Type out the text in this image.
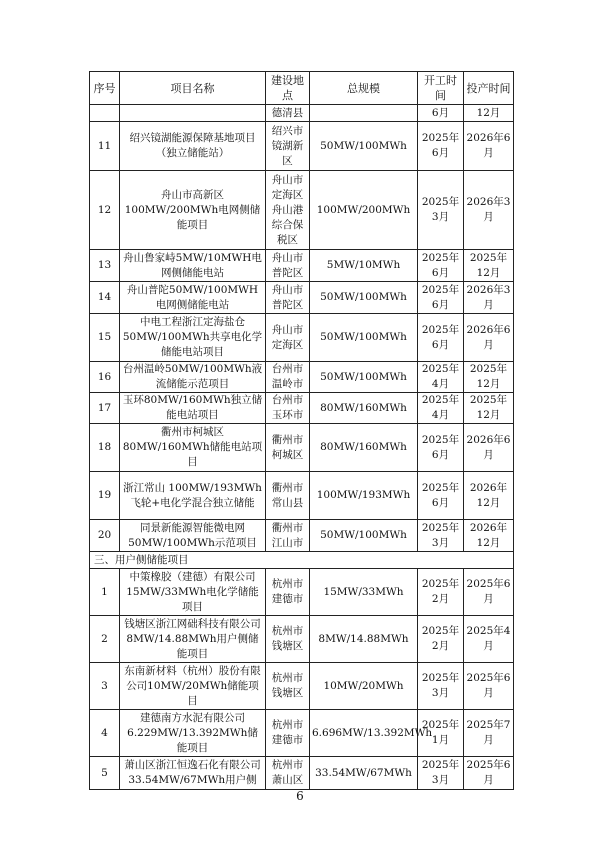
序号	项目名称	建设地点	总规模	开工时间	投产时间
		德清县		6月	12月
11	绍兴镜湖能源保障基地项目（独立储能站）	绍兴市镜湖新区	50MW/100MWh	2025年6月	2026年6月
12	舟山市高新区100MW/200MWh电网侧储能项目	舟山市定海区舟山港综合保税区	100MW/200MWh	2025年3月	2026年3月
13	舟山鲁家峙5MW/10MWH电网侧储能电站	舟山市普陀区	5MW/10MWh	2025年6月	2025年12月
14	舟山普陀50MW/100MWH电网侧储能电站	舟山市普陀区	50MW/100MWh	2025年6月	2026年3月
15	中电工程浙江定海盐仓50MW/100MWh共享电化学储能电站项目	舟山市定海区	50MW/100MWh	2025年6月	2026年6月
16	台州温岭50MW/100MWh液流储能示范项目	台州市温岭市	50MW/100MWh	2025年4月	2025年12月
17	玉环80MW/160MWh独立储能电站项目	台州市玉环市	80MW/160MWh	2025年4月	2025年12月
18	衢州市柯城区80MW/160MWh储能电站项目	衢州市柯城区	80MW/160MWh	2025年6月	2026年6月
19	浙江常山 100MW/193MWh飞轮+电化学混合独立储能	衢州市常山县	100MW/193MWh	2025年6月	2026年12月
20	同景新能源智能微电网50MW/100MWh示范项目	衢州市江山市	50MW/100MWh	2025年3月	2026年12月
三、用户侧储能项目					
1	中策橡胶（建德）有限公司15MW/33MWh电化学储能项目	杭州市建德市	15MW/33MWh	2025年2月	2025年6月
2	钱塘区浙江网础科技有限公司8MW/14.88MWh用户侧储能项目	杭州市钱塘区	8MW/14.88MWh	2025年2月	2025年4月
3	东南新材料（杭州）股份有限公司10MW/20MWh储能项目	杭州市钱塘区	10MW/20MWh	2025年3月	2025年6月
4	建德南方水泥有限公司6.229MW/13.392MWh储能项目	杭州市建德市	6.696MW/13.392MWh	2025年1月	2025年7月
5	萧山区浙江恒逸石化有限公司33.54MW/67MWh用户侧	杭州市萧山区	33.54MW/67MWh	2025年3月	2025年6月
6
